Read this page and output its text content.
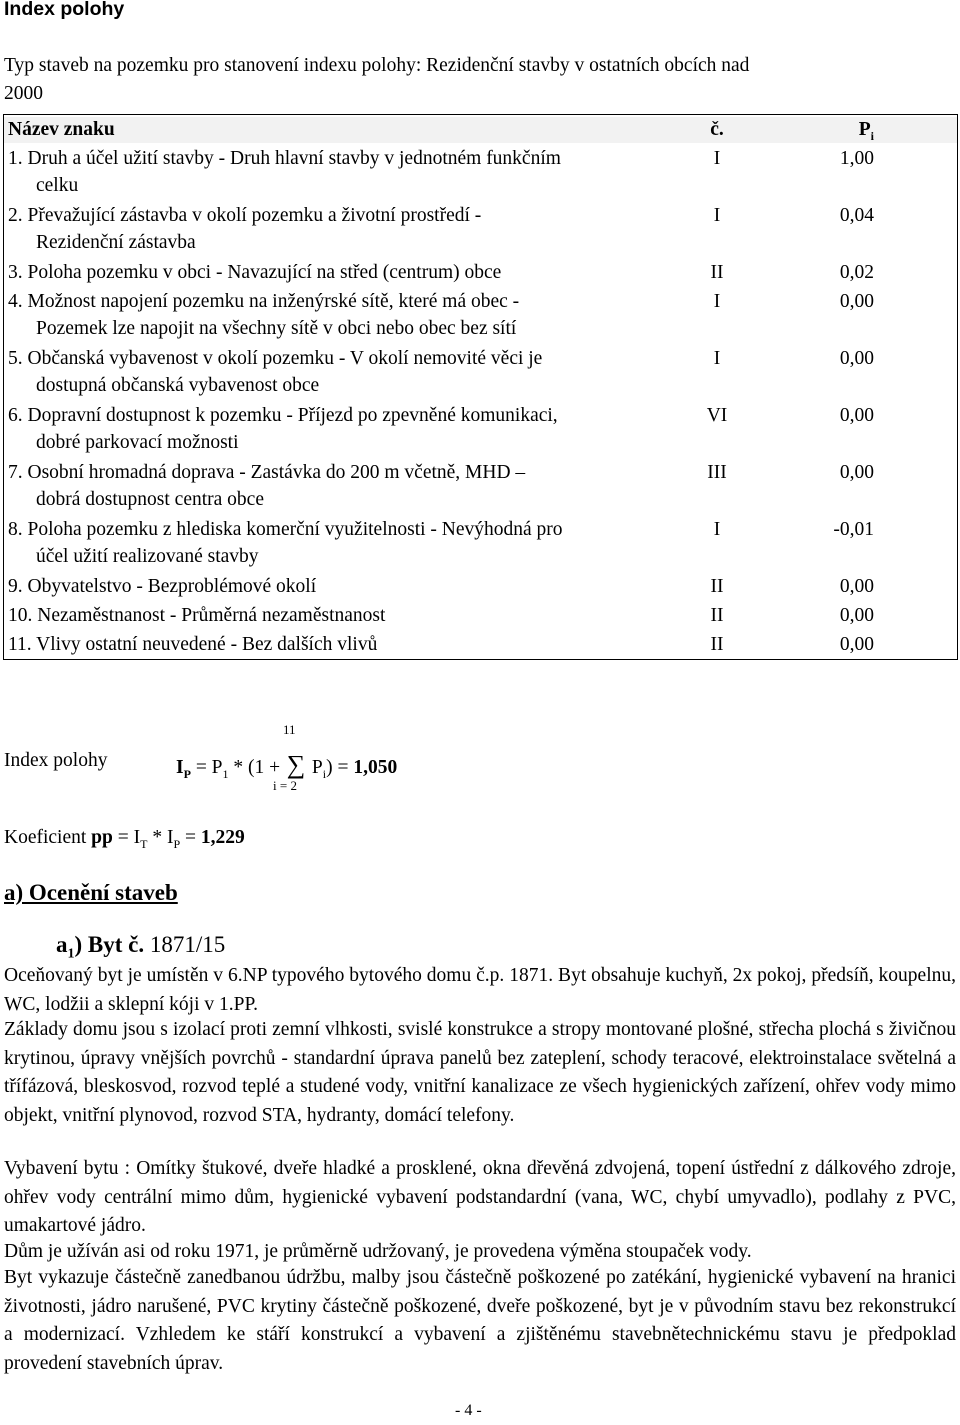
Index polohy
Typ staveb na pozemku pro stanovení indexu polohy: Rezidenční stavby v ostatních obcích nad
2000
Název znaku	č.	$P_i$
1. Druh a účel užití stavby - Druh hlavní stavby v jednotném funkčním
celku
I	1,00
2. Převažující zástavba v okolí pozemku a životní prostředí -
Rezidenční zástavba
I	0,04
3. Poloha pozemku v obci - Navazující na střed (centrum) obce	II	0,02
4. Možnost napojení pozemku na inženýrské sítě, které má obec -
Pozemek lze napojit na všechny sítě v obci nebo obec bez sítí
I	0,00
5. Občanská vybavenost v okolí pozemku - V okolí nemovité věci je
dostupná občanská vybavenost obce
I	0,00
6. Dopravní dostupnost k pozemku - Příjezd po zpevněné komunikaci,
dobré parkovací možnosti
VI	0,00
7. Osobní hromadná doprava - Zastávka do 200 m včetně, MHD –
dobrá dostupnost centra obce
III	0,00
8. Poloha pozemku z hlediska komerční využitelnosti - Nevýhodná pro
účel užití realizované stavby
I	-0,01
9. Obyvatelstvo - Bezproblémové okolí	II	0,00
10. Nezaměstnanost - Průměrná nezaměstnanost	II	0,00
11. Vlivy ostatní neuvedené - Bez dalších vlivů	II	0,00
Index polohy	$I_P = P_1 * (1$ +
11
∑
i = 2
$P_i) = 1,050$
Koeficient pp = $I_T * I_P = 1,229$
a) Ocenění staveb
$a_1$) Byt č. 1871/15

Oceňovaný byt je umístěn v 6.NP typového bytového domu č.p. 1871. Byt obsahuje kuchyň, 2x pokoj, předsíň, koupelnu, WC, lodžii a sklepní kóji v 1.PP.

Základy domu jsou s izolací proti zemní vlhkosti, svislé konstrukce a stropy montované plošné, střecha plochá s živičnou krytinou, úpravy vnějších povrchů - standardní úprava panelů bez zateplení, schody teracové, elektroinstalace světelná a třífázová, bleskosvod, rozvod teplé a studené vody, vnitřní kanalizace ze všech hygienických zařízení, ohřev vody mimo objekt, vnitřní plynovod, rozvod STA, hydranty, domácí telefony.

Vybavení bytu : Omítky štukové, dveře hladké a prosklené, okna dřevěná zdvojená, topení ústřední z dálkového zdroje, ohřev vody centrální mimo dům, hygienické vybavení podstandardní (vana, WC, chybí umyvadlo), podlahy z PVC, umakartové jádro.

Dům je užíván asi od roku 1971, je průměrně udržovaný, je provedena výměna stoupaček vody.

Byt vykazuje částečně zanedbanou údržbu, malby jsou částečně poškozené po zatékání, hygienické vybavení na hranici životnosti, jádro narušené, PVC krytiny částečně poškozené, dveře poškozené, byt je v původním stavu bez rekonstrukcí a modernizací. Vzhledem ke stáří konstrukcí a vybavení a zjištěnému stavebnětechnickému stavu je předpoklad provedení stavebních úprav.

- 4 -
